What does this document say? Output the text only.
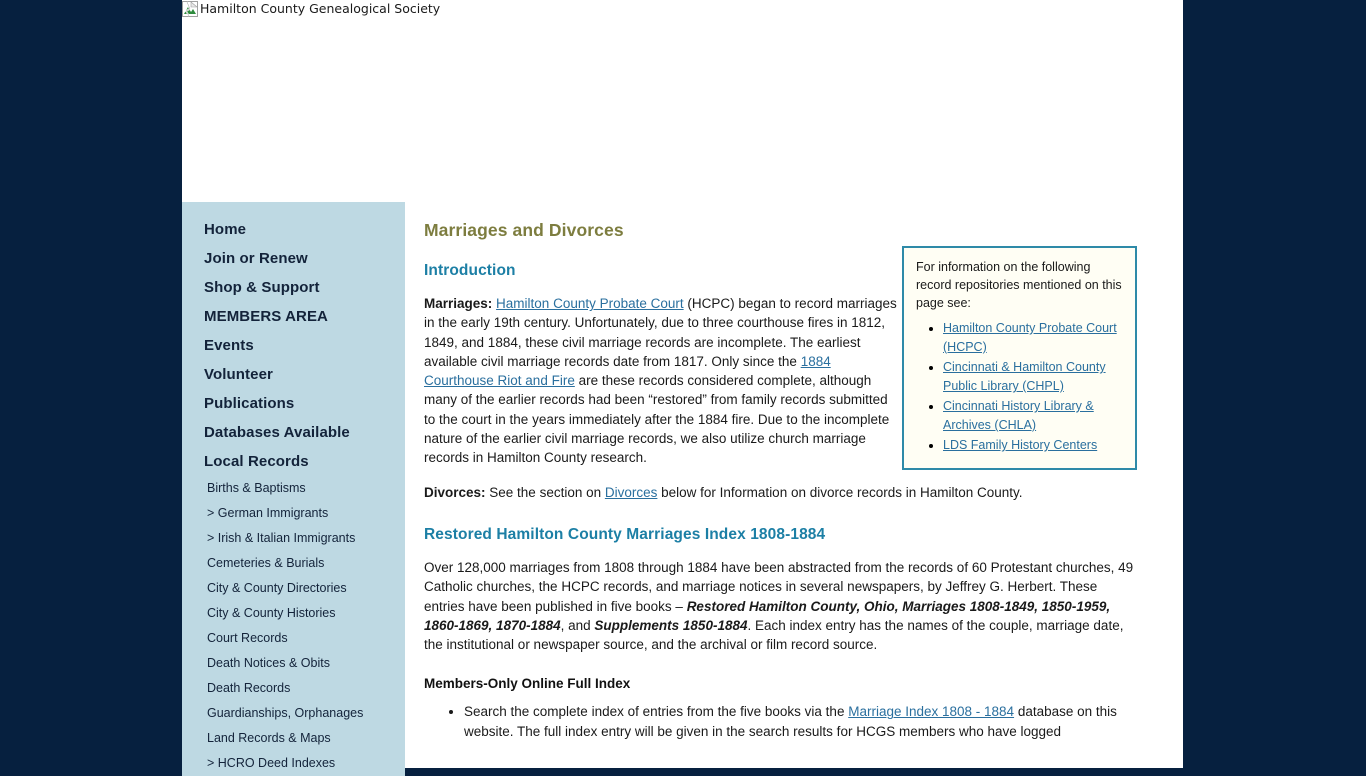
Hamilton County Genealogical Society
Home
Join or Renew
Shop & Support
MEMBERS AREA
Events
Volunteer
Publications
Databases Available
Local Records
Births & Baptisms
> German Immigrants
> Irish & Italian Immigrants
Cemeteries & Burials
City & County Directories
City & County Histories
Court Records
Death Notices & Obits
Death Records
Guardianships, Orphanages
Land Records & Maps
> HCRO Deed Indexes
Marriages and Divorces

For information on the following record repositories mentioned on this page see:

• Hamilton County Probate Court (HCPC)
• Cincinnati & Hamilton County Public Library (CHPL)
• Cincinnati History Library & Archives (CHLA)
• LDS Family History Centers
Introduction

Marriages: Hamilton County Probate Court (HCPC) began to record marriages in the early 19th century. Unfortunately, due to three courthouse fires in 1812, 1849, and 1884, these civil marriage records are incomplete. The earliest available civil marriage records date from 1817. Only since the 1884 Courthouse Riot and Fire are these records considered complete, although many of the earlier records had been “restored” from family records submitted to the court in the years immediately after the 1884 fire. Due to the incomplete nature of the earlier civil marriage records, we also utilize church marriage records in Hamilton County research.

Divorces: See the section on Divorces below for Information on divorce records in Hamilton County.

Restored Hamilton County Marriages Index 1808-1884

Over 128,000 marriages from 1808 through 1884 have been abstracted from the records of 60 Protestant churches, 49 Catholic churches, the HCPC records, and marriage notices in several newspapers, by Jeffrey G. Herbert. These entries have been published in five books – Restored Hamilton County, Ohio, Marriages 1808-1849, 1850-1959, 1860-1869, 1870-1884, and Supplements 1850-1884. Each index entry has the names of the couple, marriage date, the institutional or newspaper source, and the archival or film record source.

Members-Only Online Full Index
• Search the complete index of entries from the five books via the Marriage Index 1808 - 1884 database on this website. The full index entry will be given in the search results for HCGS members who have logged
